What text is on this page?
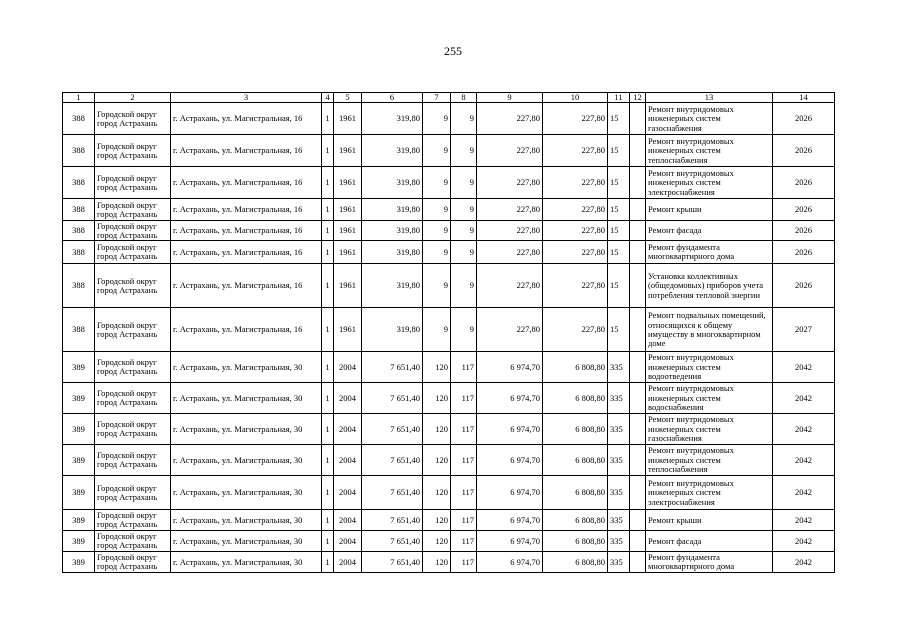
255
1	2	3	4	5	6	7	8	9	10	11	12	13	14
388	Городской округ город Астрахань	г. Астрахань, ул. Магистральная, 16	1	1961	319,80	9	9	227,80	227,80	15		Ремонт внутридомовых инженерных систем газоснабжения	2026
388	Городской округ город Астрахань	г. Астрахань, ул. Магистральная, 16	1	1961	319,80	9	9	227,80	227,80	15		Ремонт внутридомовых инженерных систем теплоснабжения	2026
388	Городской округ город Астрахань	г. Астрахань, ул. Магистральная, 16	1	1961	319,80	9	9	227,80	227,80	15		Ремонт внутридомовых инженерных систем электроснабжения	2026
388	Городской округ город Астрахань	г. Астрахань, ул. Магистральная, 16	1	1961	319,80	9	9	227,80	227,80	15		Ремонт крыши	2026
388	Городской округ город Астрахань	г. Астрахань, ул. Магистральная, 16	1	1961	319,80	9	9	227,80	227,80	15		Ремонт фасада	2026
388	Городской округ город Астрахань	г. Астрахань, ул. Магистральная, 16	1	1961	319,80	9	9	227,80	227,80	15		Ремонт фундамента многоквартирного дома	2026
388	Городской округ город Астрахань	г. Астрахань, ул. Магистральная, 16	1	1961	319,80	9	9	227,80	227,80	15		Установка коллективных (общедомовых) приборов учета потребления тепловой энергии	2026
388	Городской округ город Астрахань	г. Астрахань, ул. Магистральная, 16	1	1961	319,80	9	9	227,80	227,80	15		Ремонт подвальных помещений, относящихся к общему имуществу в многоквартирном доме	2027
389	Городской округ город Астрахань	г. Астрахань, ул. Магистральная, 30	1	2004	7 651,40	120	117	6 974,70	6 808,80	335		Ремонт внутридомовых инженерных систем водоотведения	2042
389	Городской округ город Астрахань	г. Астрахань, ул. Магистральная, 30	1	2004	7 651,40	120	117	6 974,70	6 808,80	335		Ремонт внутридомовых инженерных систем водоснабжения	2042
389	Городской округ город Астрахань	г. Астрахань, ул. Магистральная, 30	1	2004	7 651,40	120	117	6 974,70	6 808,80	335		Ремонт внутридомовых инженерных систем газоснабжения	2042
389	Городской округ город Астрахань	г. Астрахань, ул. Магистральная, 30	1	2004	7 651,40	120	117	6 974,70	6 808,80	335		Ремонт внутридомовых инженерных систем теплоснабжения	2042
389	Городской округ город Астрахань	г. Астрахань, ул. Магистральная, 30	1	2004	7 651,40	120	117	6 974,70	6 808,80	335		Ремонт внутридомовых инженерных систем электроснабжения	2042
389	Городской округ город Астрахань	г. Астрахань, ул. Магистральная, 30	1	2004	7 651,40	120	117	6 974,70	6 808,80	335		Ремонт крыши	2042
389	Городской округ город Астрахань	г. Астрахань, ул. Магистральная, 30	1	2004	7 651,40	120	117	6 974,70	6 808,80	335		Ремонт фасада	2042
389	Городской округ город Астрахань	г. Астрахань, ул. Магистральная, 30	1	2004	7 651,40	120	117	6 974,70	6 808,80	335		Ремонт фундамента многоквартирного дома	2042
